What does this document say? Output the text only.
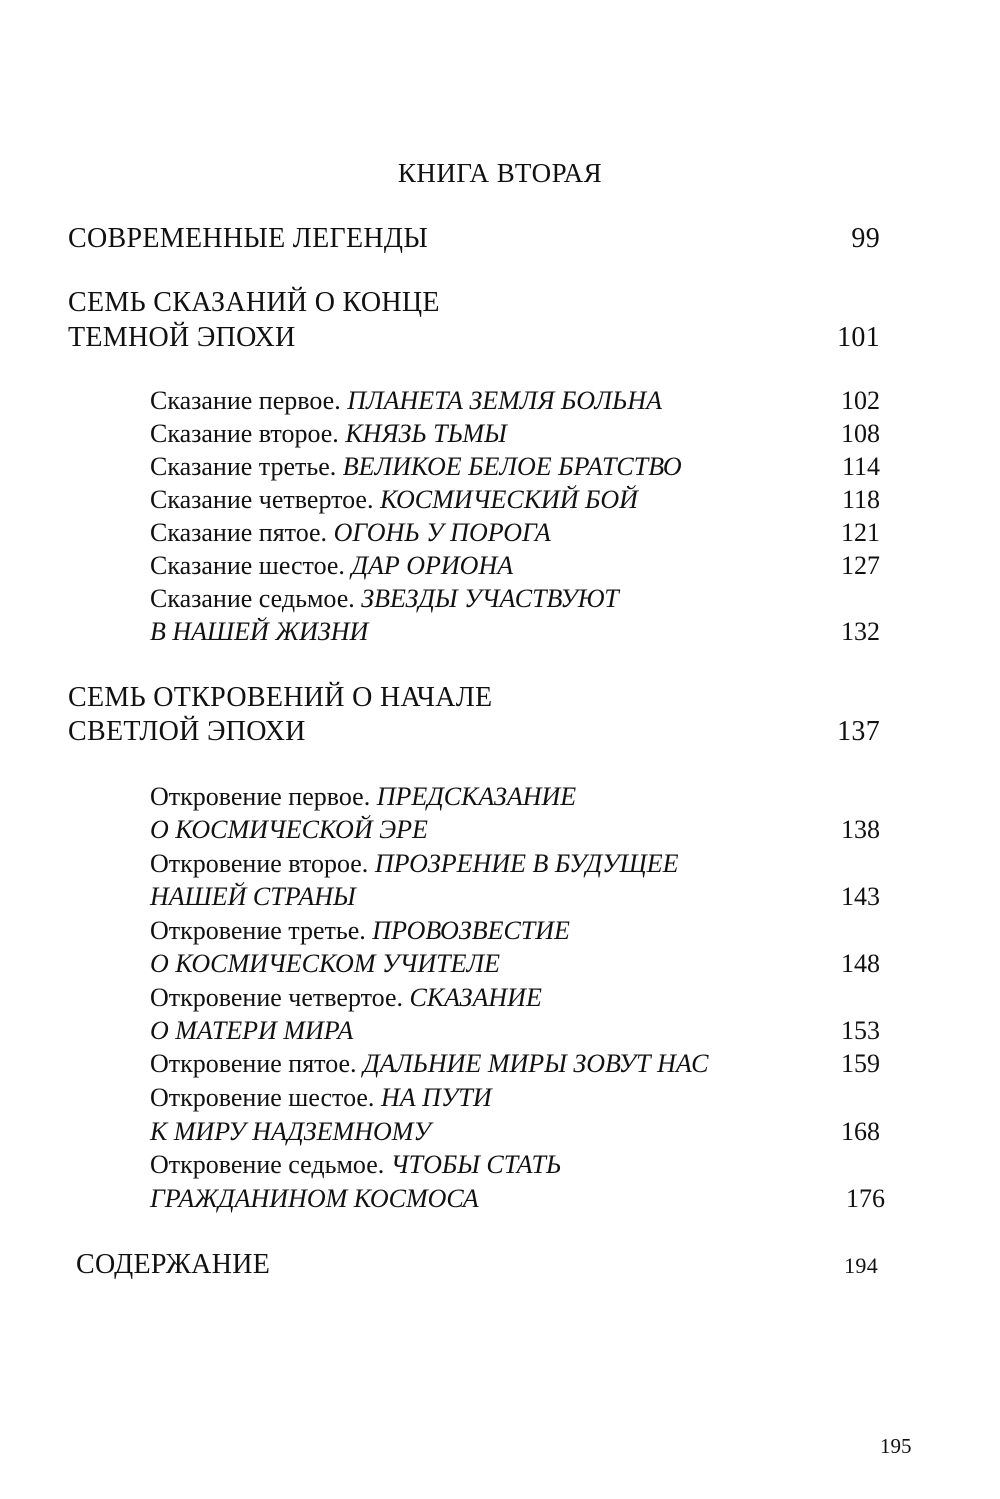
КНИГА ВТОРАЯ
СОВРЕМЕННЫЕ ЛЕГЕНДЫ	99
СЕМЬ СКАЗАНИЙ О КОНЦЕ
ТЕМНОЙ ЭПОХИ	101
Сказание первое.
ПЛАНЕТА ЗЕМЛЯ БОЛЬНА	102
Сказание второе.
КНЯЗЬ ТЬМЫ	108
Сказание третье.
ВЕЛИКОЕ БЕЛОЕ БРАТСТВО	114
Сказание четвертое.
КОСМИЧЕСКИЙ БОЙ	118
Сказание пятое.
ОГОНЬ У ПОРОГА	121
Сказание шестое.
ДАР ОРИОНА	127
Сказание седьмое. ЗВЕЗДЫ УЧАСТВУЮТ
В НАШЕЙ ЖИЗНИ	132
СЕМЬ ОТКРОВЕНИЙ О НАЧАЛЕ
СВЕТЛОЙ ЭПОХИ	137
Откровение первое. ПРЕДСКАЗАНИЕ
О КОСМИЧЕСКОЙ ЭРЕ	138
Откровение второе. ПРОЗРЕНИЕ В БУДУЩЕЕ
НАШЕЙ СТРАНЫ	143
Откровение третье. ПРОВОЗВЕСТИЕ
О КОСМИЧЕСКОМ УЧИТЕЛЕ	148
Откровение четвертое. СКАЗАНИЕ
О МАТЕРИ МИРА	153
Откровение пятое.
ДАЛЬНИЕ МИРЫ ЗОВУТ НАС	159
Откровение шестое. НА ПУТИ
К МИРУ НАДЗЕМНОМУ	168
Откровение седьмое. ЧТОБЫ СТАТЬ
ГРАЖДАНИНОМ КОСМОСА	176
СОДЕРЖАНИЕ	194
195
